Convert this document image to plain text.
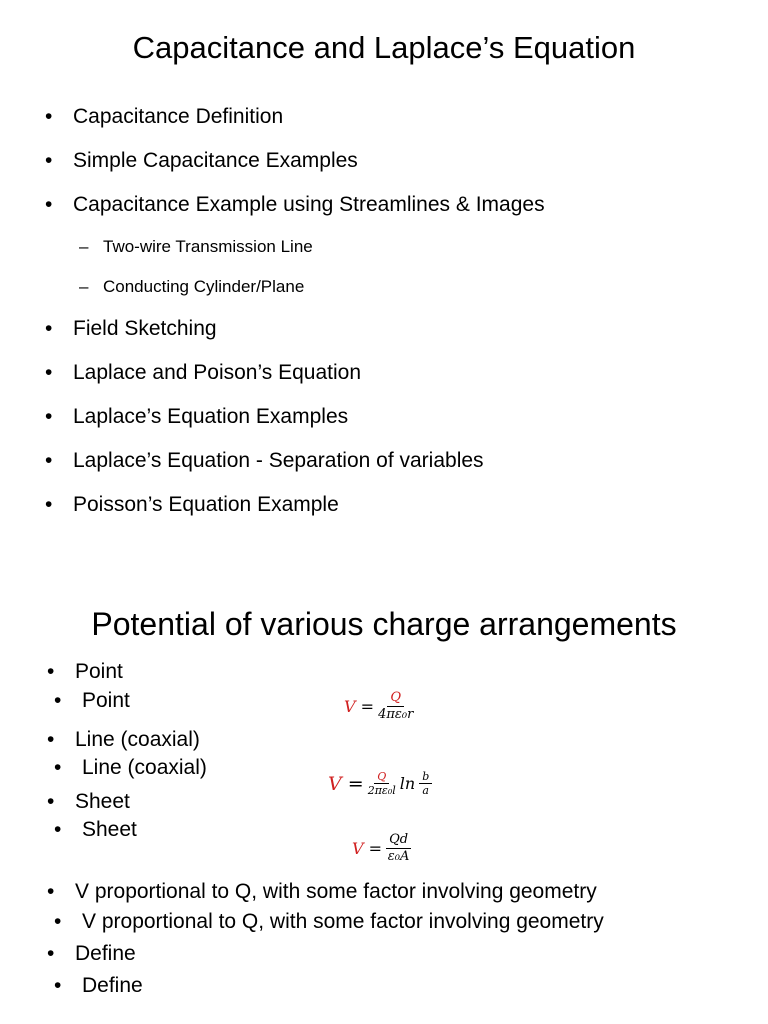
Capacitance and Laplace’s Equation
• Capacitance Definition
• Simple Capacitance Examples
• Capacitance Example using Streamlines & Images
– Two-wire Transmission Line
– Conducting Cylinder/Plane
• Field Sketching
• Laplace and Poison’s Equation
• Laplace’s Equation Examples
• Laplace’s Equation - Separation of variables
• Poisson’s Equation Example
Potential of various charge arrangements
• Point
• Line (coaxial)
• Sheet
• V proportional to Q, with some factor involving geometry
• Define
• Point
• Line (coaxial)
• Sheet
• V proportional to Q, with some factor involving geometry
• Define
$V = \frac{Q}{\text{4πε₀r}}$
$V = \frac{Q}{\text{2πε₀l}}$ $\ln \frac{b}{a}$
$V = \frac{Qd}{\text{ε₀A}}$
